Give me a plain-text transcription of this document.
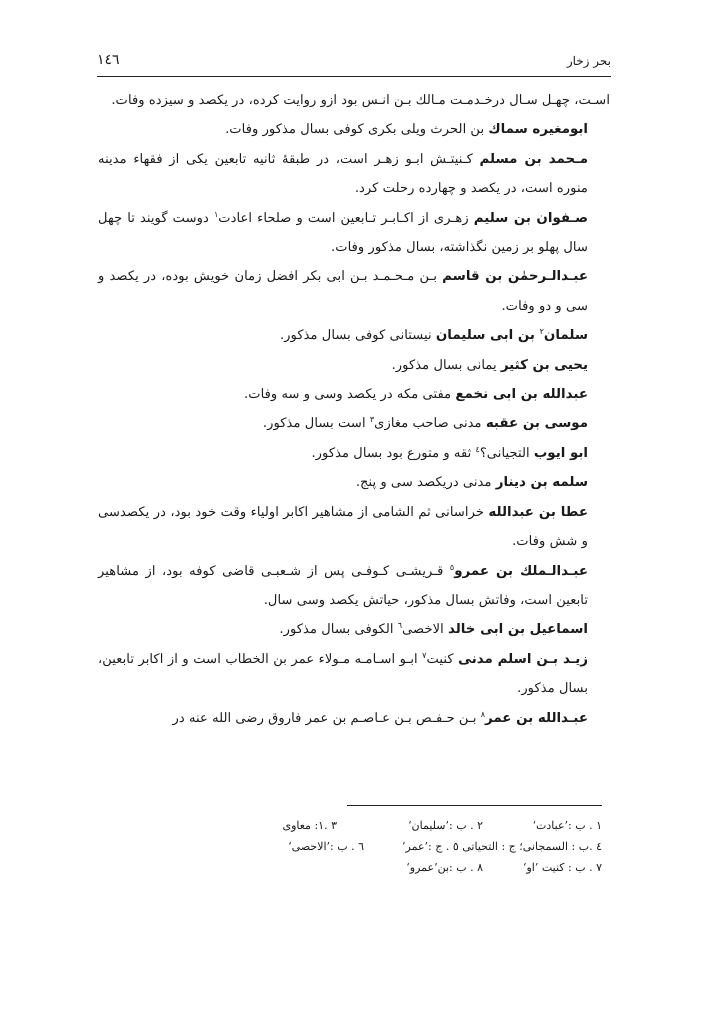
١٤٦	بحر زخار

اسـت، چهـل سـال درخـدمـت مـالك بـن انـس بود ازو روايت كرده، در يكصد و سيزده وفات.

ابومغيره سماك بن الحرث ويلى بكرى كوفى بسال مذكور وفات.

مـحمد بن مسلم كـنيتـش ابـو زهـر است، در طبقهٔ ثانيه تابعين يكى از فقهاء مدينه منوره است، در يكصد و چهارده رحلت كرد.

صـفوان بن سليم زهـرى از اكـابـر تـابعين است و صلحاء اعادت$^١$ دوست گويند تا چهل سال پهلو بر زمين نگذاشته، بسال مذكور وفات.

عبـدالـرحمٰن بن قاسم بـن مـحـمـد بـن ابى بكر افضل زمان خويش بوده، در يكصد و سى و دو وفات.

سلمان$^٢$ بن ابى سليمان نيستانى كوفى بسال مذكور.

يحيى بن كثير يمانى بسال مذكور.

عبدالله بن ابى نخمع مفتى مكه در يكصد وسى و سه وفات.

موسى بن عقبه مدنى صاحب مغازى$^٣$ است بسال مذكور.

ابو ايوب التجيانى؟$^٤$ ثقه و متورع بود بسال مذكور.

سلمه بن دينار مدنى دريكصد سى و پنج.

عطا بن عبدالله خراسانى ثم الشامى از مشاهير اكابر اولياء وقت خود بود، در يكصدسى و شش وفات.

عبـدالـملك بن عمرو$^٥$ قـريشـى كـوفـى پس از شـعبـى قاضى كوفه بود، از مشاهير تابعين است، وفاتش بسال مذكور، حياتش يكصد وسى سال.

اسماعيل بن ابى خالد الاخصى$^٦$ الكوفى بسال مذكور.

زيـد بـن اسلم مدنى كنيت$^٧$ ابـو اسـامـه مـولاء عمر بن الخطاب است و از اكابر تابعين، بسال مذكور.

عبـدالله بن عمر$^٨$ بـن حـفـص بـن عـاصـم بن عمر فاروق رضى الله عنه در

١ . ب :’عبادت‘
٢ . ب :’سليمان‘
٣ .١: معاوى
٤ .ب : السمجانى؛ ج : التحياتى ٥ . ج :’عمر‘
٦ . ب :’الاحصى‘
٧ . ب : كنيت ’او‘
٨ . ب :بن’عمرو‘
